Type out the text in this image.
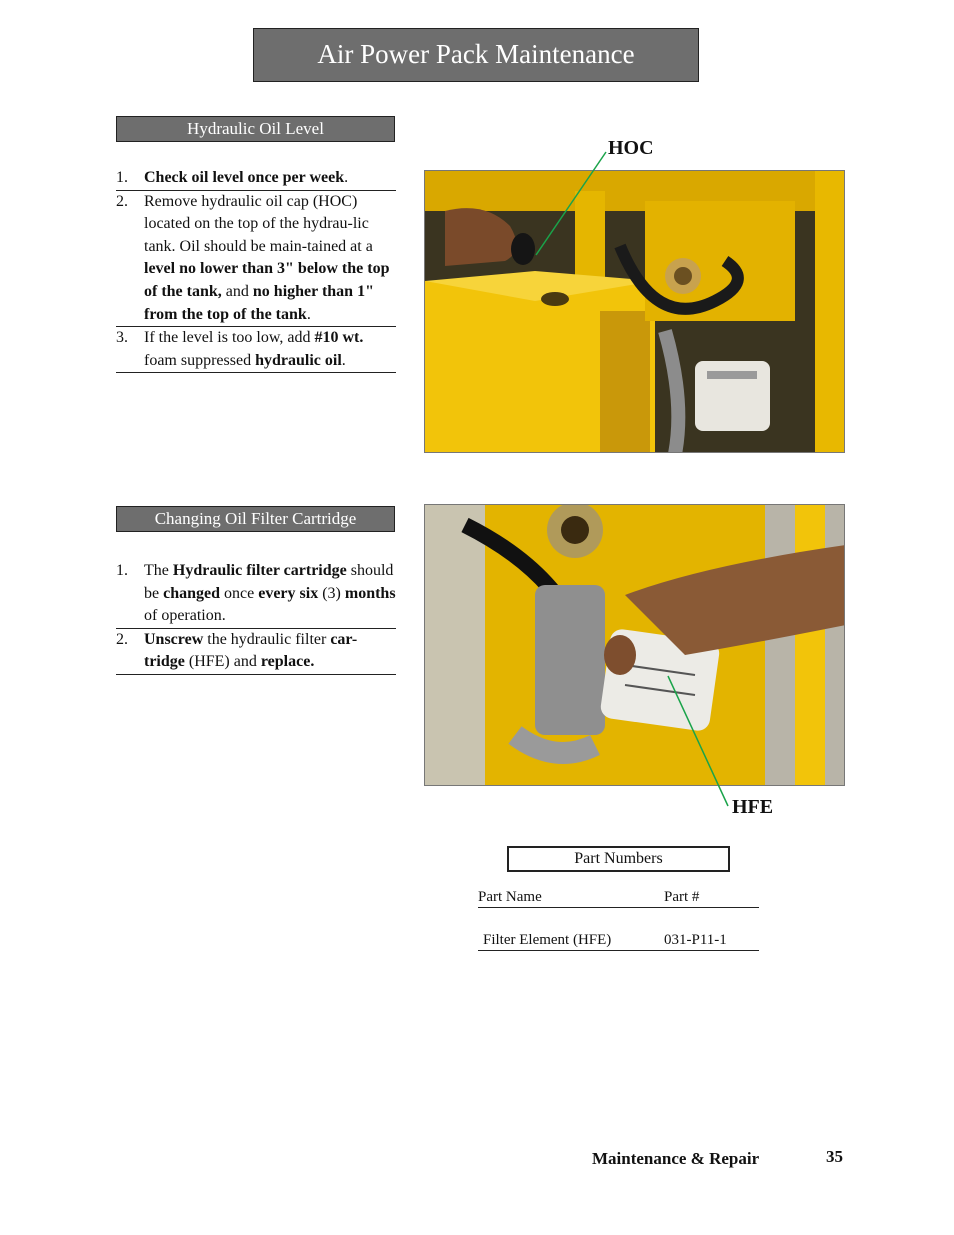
Air Power Pack Maintenance
Hydraulic Oil Level
1. Check oil level once per week.
2. Remove hydraulic oil cap (HOC) located on the top of the hydrau-lic tank. Oil should be main-tained at a level no lower than 3" below the top of the tank, and no higher than 1" from the top of the tank.
3. If the level is too low, add #10 wt. foam suppressed hydraulic oil.
Changing Oil Filter Cartridge
1. The Hydraulic filter cartridge should be changed once every six (3) months of operation.
2. Unscrew the hydraulic filter car-tridge (HFE) and replace.
HOC
HFE
Part Numbers
Part Name	Part #
Filter Element (HFE)	031-P11-1
Maintenance & Repair	35
